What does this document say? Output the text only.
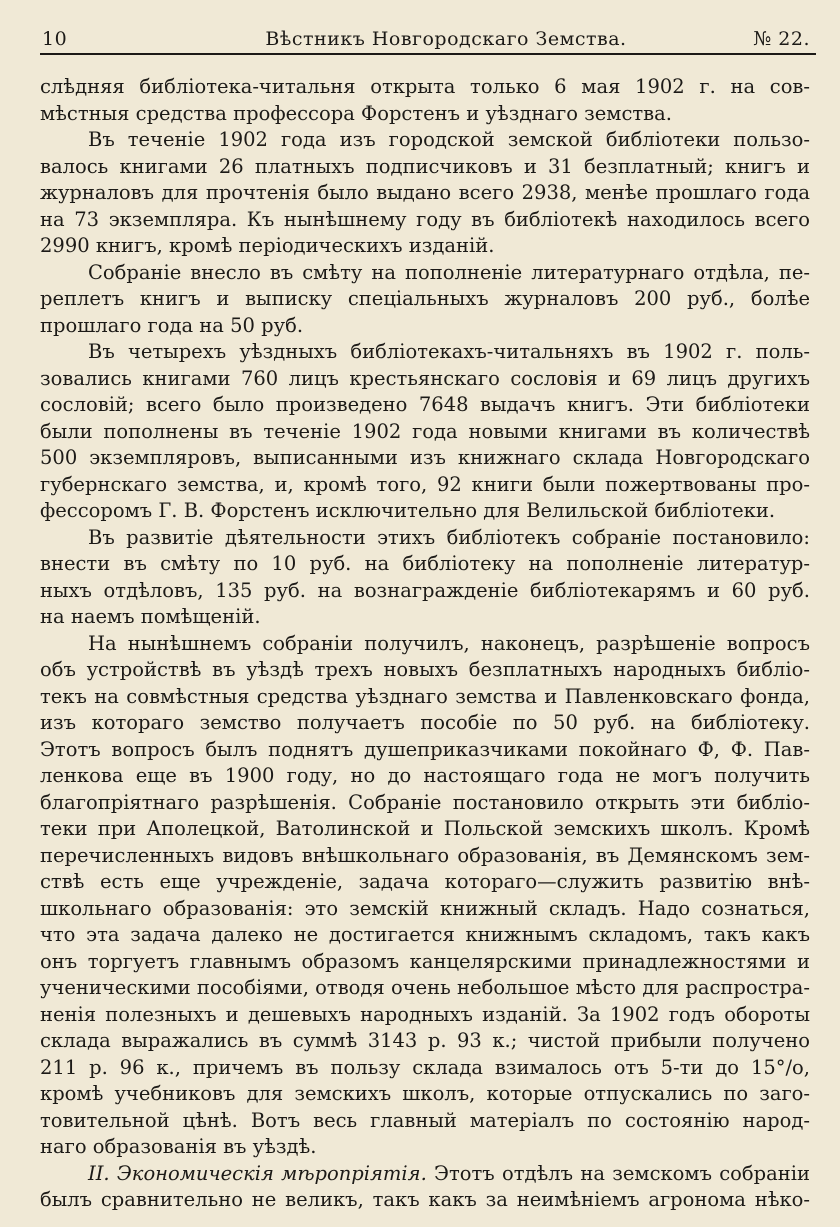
10	Вѣстникъ Новгородскаго Земства.	№ 22.
слѣдняя библіотека-читальня открыта только 6 мая 1902 г. на сов-
мѣстныя средства профессора Форстенъ и уѣзднаго земства.
Въ теченіе 1902 года изъ городской земской библіотеки пользо-
валось книгами 26 платныхъ подписчиковъ и 31 безплатный; книгъ и
журналовъ для прочтенія было выдано всего 2938, менѣе прошлаго года
на 73 экземпляра. Къ нынѣшнему году въ библіотекѣ находилось всего
2990 книгъ, кромѣ періодическихъ изданій.
Собраніе внесло въ смѣту на пополненіе литературнаго отдѣла, пе-
реплетъ книгъ и выписку спеціальныхъ журналовъ 200 руб., болѣе
прошлаго года на 50 руб.
Въ четырехъ уѣздныхъ библіотекахъ-читальняхъ въ 1902 г. поль-
зовались книгами 760 лицъ крестьянскаго сословія и 69 лицъ другихъ
сословій; всего было произведено 7648 выдачъ книгъ. Эти библіотеки
были пополнены въ теченіе 1902 года новыми книгами въ количествѣ
500 экземпляровъ, выписанными изъ книжнаго склада Новгородскаго
губернскаго земства, и, кромѣ того, 92 книги были пожертвованы про-
фессоромъ Г. В. Форстенъ исключительно для Велильской библіотеки.
Въ развитіе дѣятельности этихъ библіотекъ собраніе постановило:
внести въ смѣту по 10 руб. на библіотеку на пополненіе литератур-
ныхъ отдѣловъ, 135 руб. на вознагражденіе библіотекарямъ и 60 руб.
на наемъ помѣщеній.
На нынѣшнемъ собраніи получилъ, наконецъ, разрѣшеніе вопросъ
объ устройствѣ въ уѣздѣ трехъ новыхъ безплатныхъ народныхъ библіо-
текъ на совмѣстныя средства уѣзднаго земства и Павленковскаго фонда,
изъ котораго земство получаетъ пособіе по 50 руб. на библіотеку.
Этотъ вопросъ былъ поднятъ душеприказчиками покойнаго Ф, Ф. Пав-
ленкова еще въ 1900 году, но до настоящаго года не могъ получить
благопріятнаго разрѣшенія. Собраніе постановило открыть эти библіо-
теки при Аполецкой, Ватолинской и Польской земскихъ школъ. Кромѣ
перечисленныхъ видовъ внѣшкольнаго образованія, въ Демянскомъ зем-
ствѣ есть еще учрежденіе, задача котораго—служить развитію внѣ-
школьнаго образованія: это земскій книжный складъ. Надо сознаться,
что эта задача далеко не достигается книжнымъ складомъ, такъ какъ
онъ торгуетъ главнымъ образомъ канцелярскими принадлежностями и
ученическими пособіями, отводя очень небольшое мѣсто для распростра-
ненія полезныхъ и дешевыхъ народныхъ изданій. За 1902 годъ обороты
склада выражались въ суммѣ 3143 р. 93 к.; чистой прибыли получено
211 р. 96 к., причемъ въ пользу склада взималось отъ 5-ти до 15°/о,
кромѣ учебниковъ для земскихъ школъ, которые отпускались по заго-
товительной цѣнѣ. Вотъ весь главный матеріалъ по состоянію народ-
наго образованія въ уѣздѣ.
II. Экономическія мѣропріятія. Этотъ отдѣлъ на земскомъ собраніи
былъ сравнительно не великъ, такъ какъ за неимѣніемъ агронома нѣко-
